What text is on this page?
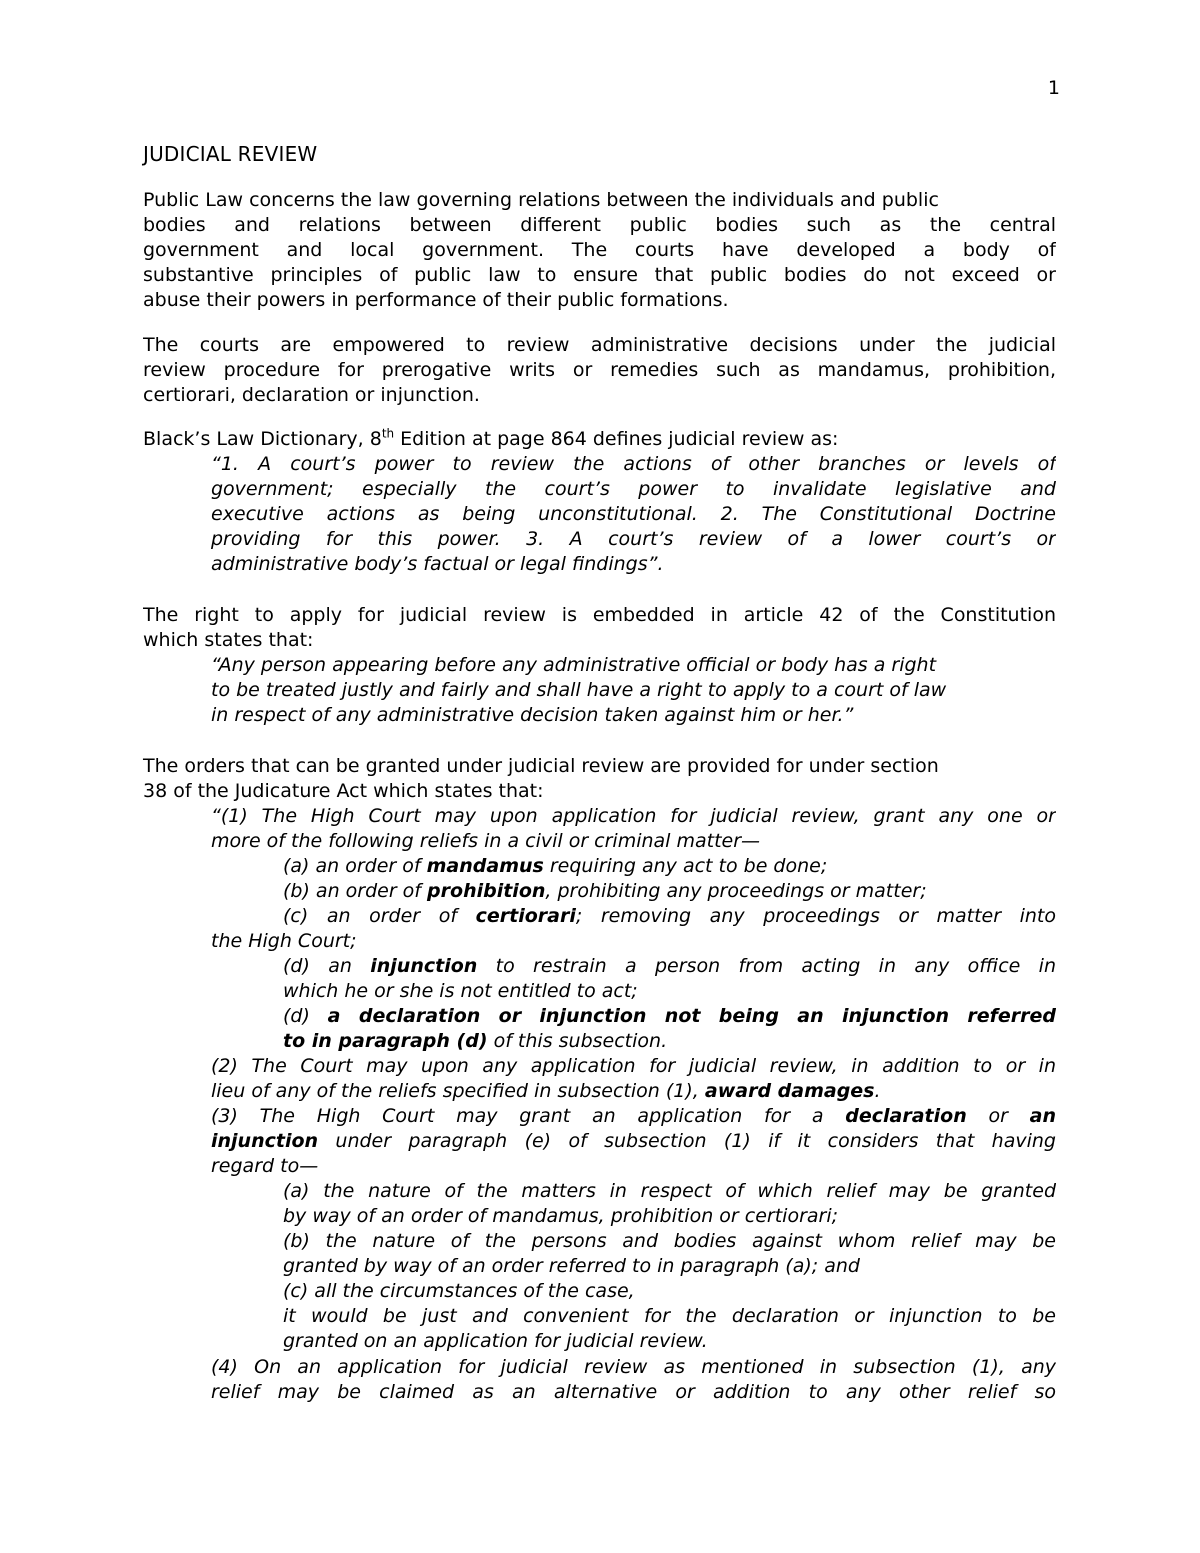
1
JUDICIAL REVIEW
Public Law concerns the law governing relations between the individuals and public
bodies and relations between different public bodies such as the central
government and local government. The courts have developed a body of
substantive principles of public law to ensure that public bodies do not exceed or
abuse their powers in performance of their public formations.
The courts are empowered to review administrative decisions under the judicial
review procedure for prerogative writs or remedies such as mandamus, prohibition,
certiorari, declaration or injunction.
Black’s Law Dictionary, 8th Edition at page 864 defines judicial review as:
“1. A court’s power to review the actions of other branches or levels of
government; especially the court’s power to invalidate legislative and
executive actions as being unconstitutional. 2. The Constitutional Doctrine
providing for this power. 3. A court’s review of a lower court’s or
administrative body’s factual or legal findings”.
The right to apply for judicial review is embedded in article 42 of the Constitution
which states that:
“Any person appearing before any administrative official or body has a right
to be treated justly and fairly and shall have a right to apply to a court of law
in respect of any administrative decision taken against him or her.”
The orders that can be granted under judicial review are provided for under section
38 of the Judicature Act which states that:
“(1) The High Court may upon application for judicial review, grant any one or
more of the following reliefs in a civil or criminal matter—
(a) an order of mandamus requiring any act to be done;
(b) an order of prohibition, prohibiting any proceedings or matter;
(c) an order of certiorari; removing any proceedings or matter into
the High Court;
(d) an injunction to restrain a person from acting in any office in
which he or she is not entitled to act;
(d) a declaration or injunction not being an injunction referred
to in paragraph (d) of this subsection.
(2) The Court may upon any application for judicial review, in addition to or in
lieu of any of the reliefs specified in subsection (1), award damages.
(3) The High Court may grant an application for a declaration or an
injunction under paragraph (e) of subsection (1) if it considers that having
regard to—
(a) the nature of the matters in respect of which relief may be granted
by way of an order of mandamus, prohibition or certiorari;
(b) the nature of the persons and bodies against whom relief may be
granted by way of an order referred to in paragraph (a); and
(c) all the circumstances of the case,
it would be just and convenient for the declaration or injunction to be
granted on an application for judicial review.
(4) On an application for judicial review as mentioned in subsection (1), any
relief may be claimed as an alternative or addition to any other relief so
